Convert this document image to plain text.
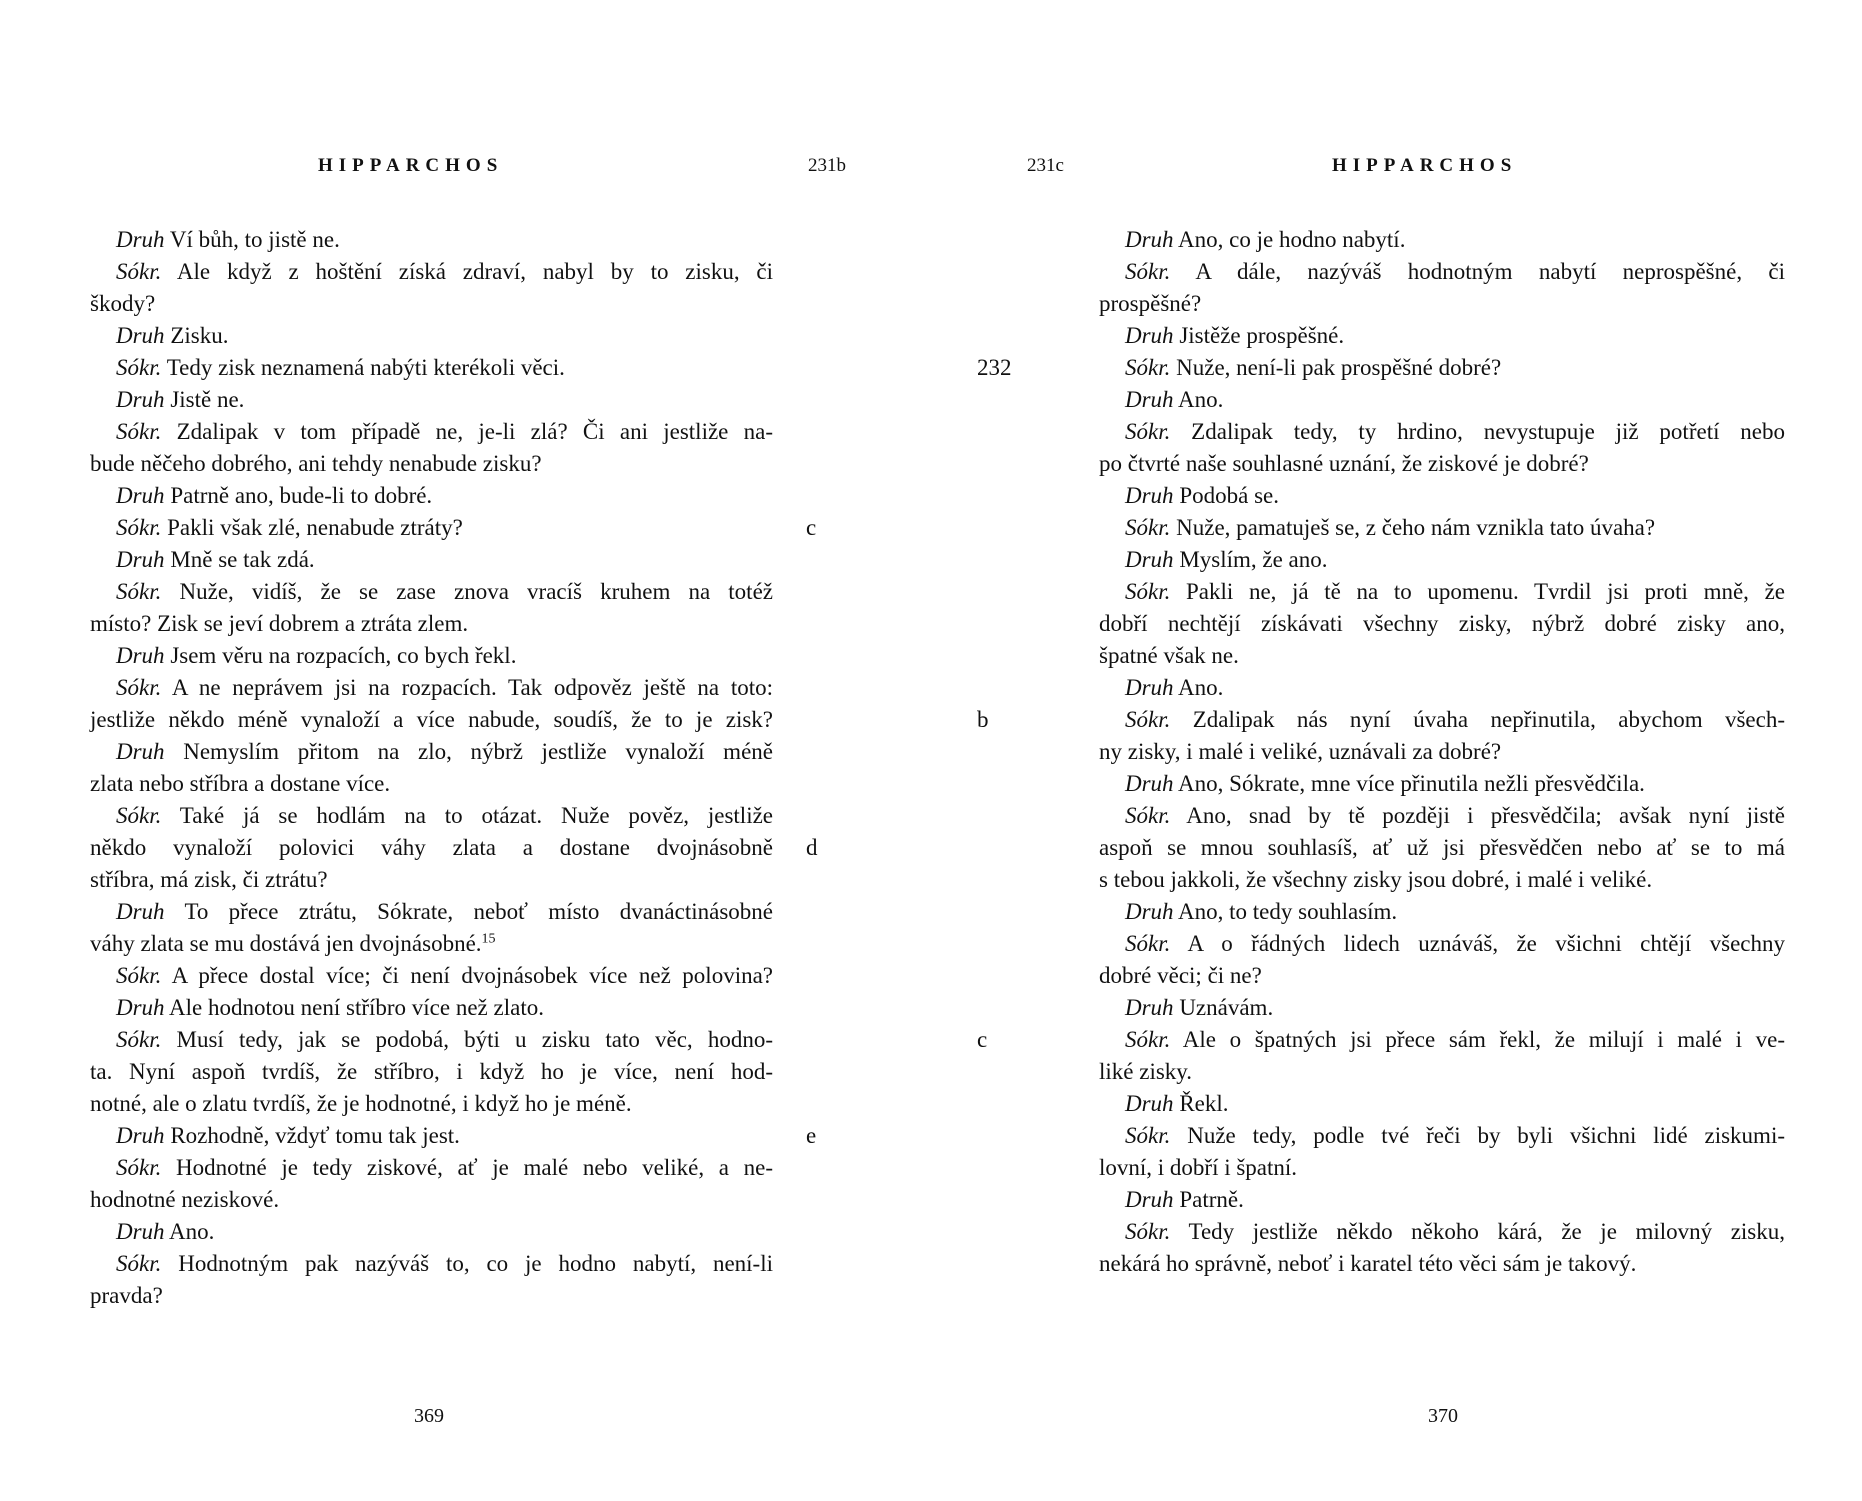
HIPPARCHOS	231b
Druh Ví bůh, to jistě ne.
Sókr. Ale když z hoštění získá zdraví, nabyl by to zisku, či
škody?
Druh Zisku.
Sókr. Tedy zisk neznamená nabýti kterékoli věci.
Druh Jistě ne.
Sókr. Zdalipak v tom případě ne, je-li zlá? Či ani jestliže na-
bude něčeho dobrého, ani tehdy nenabude zisku?
Druh Patrně ano, bude-li to dobré.
Sókr. Pakli však zlé, nenabude ztráty?	c
Druh Mně se tak zdá.
Sókr. Nuže, vidíš, že se zase znova vracíš kruhem na totéž
místo? Zisk se jeví dobrem a ztráta zlem.
Druh Jsem věru na rozpacích, co bych řekl.
Sókr. A ne neprávem jsi na rozpacích. Tak odpověz ještě na toto:
jestliže někdo méně vynaloží a více nabude, soudíš, že to je zisk?
Druh Nemyslím přitom na zlo, nýbrž jestliže vynaloží méně
zlata nebo stříbra a dostane více.
Sókr. Také já se hodlám na to otázat. Nuže pověz, jestliže
někdo vynaloží polovici váhy zlata a dostane dvojnásobně d
stříbra, má zisk, či ztrátu?
Druh To přece ztrátu, Sókrate, neboť místo dvanáctinásobné
váhy zlata se mu dostává jen dvojnásobné.$^{15}$
Sókr. A přece dostal více; či není dvojnásobek více než polovina?
Druh Ale hodnotou není stříbro více než zlato.
Sókr. Musí tedy, jak se podobá, býti u zisku tato věc, hodno-
ta. Nyní aspoň tvrdíš, že stříbro, i když ho je více, není hod-
notné, ale o zlatu tvrdíš, že je hodnotné, i když ho je méně.
Druh Rozhodně, vždyť tomu tak jest.	e
Sókr. Hodnotné je tedy ziskové, ať je malé nebo veliké, a ne-
hodnotné neziskové.
Druh Ano.
Sókr. Hodnotným pak nazýváš to, co je hodno nabytí, není-li
pravda?
369
231c	HIPPARCHOS
Druh Ano, co je hodno nabytí.
Sókr. A dále, nazýváš hodnotným nabytí neprospěšné, či
prospěšné?
Druh Jistěže prospěšné.
Sókr. Nuže, není-li pak prospěšné dobré?
232
Druh Ano.
Sókr. Zdalipak tedy, ty hrdino, nevystupuje již potřetí nebo
po čtvrté naše souhlasné uznání, že ziskové je dobré?
Druh Podobá se.
Sókr. Nuže, pamatuješ se, z čeho nám vznikla tato úvaha?
Druh Myslím, že ano.
Sókr. Pakli ne, já tě na to upomenu. Tvrdil jsi proti mně, že
dobří nechtějí získávati všechny zisky, nýbrž dobré zisky ano,
špatné však ne.
Druh Ano.
Sókr. Zdalipak nás nyní úvaha nepřinutila, abychom všech-
b
ny zisky, i malé i veliké, uznávali za dobré?
Druh Ano, Sókrate, mne více přinutila nežli přesvědčila.
Sókr. Ano, snad by tě později i přesvědčila; avšak nyní jistě
aspoň se mnou souhlasíš, ať už jsi přesvědčen nebo ať se to má
s tebou jakkoli, že všechny zisky jsou dobré, i malé i veliké.
Druh Ano, to tedy souhlasím.
Sókr. A o řádných lidech uznáváš, že všichni chtějí všechny
dobré věci; či ne?
Druh Uznávám.
Sókr. Ale o špatných jsi přece sám řekl, že milují i malé i ve-
c
liké zisky.
Druh Řekl.
Sókr. Nuže tedy, podle tvé řeči by byli všichni lidé ziskumi-
lovní, i dobří i špatní.
Druh Patrně.
Sókr. Tedy jestliže někdo někoho kárá, že je milovný zisku,
nekárá ho správně, neboť i karatel této věci sám je takový.
370
